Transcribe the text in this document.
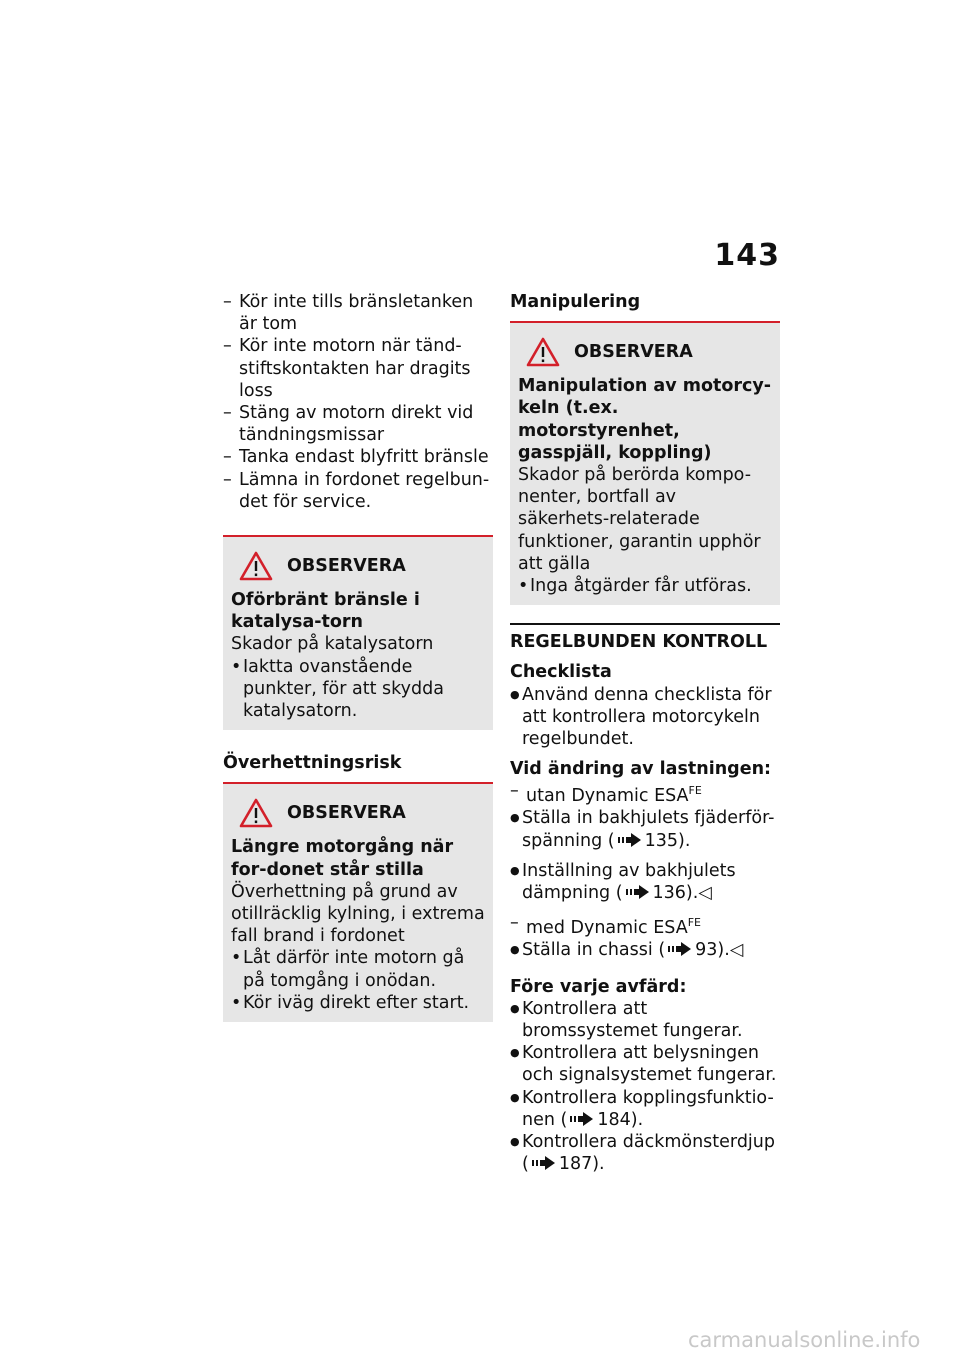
143
– Kör inte tills bränsletanken är tom
– Kör inte motorn när tänd-stiftskontakten har dragits loss
– Stäng av motorn direkt vid tändningsmissar
– Tanka endast blyfritt bränsle
– Lämna in fordonet regelbun-det för service.
OBSERVERA
Oförbränt bränsle i katalysa-torn
Skador på katalysatorn
• Iaktta ovanstående punkter, för att skydda katalysatorn.
Överhettningsrisk
OBSERVERA
Längre motorgång när for-donet står stilla
Överhettning på grund av otillräcklig kylning, i extrema fall brand i fordonet
• Låt därför inte motorn gå på tomgång i onödan.
• Kör iväg direkt efter start.
Manipulering
OBSERVERA
Manipulation av motorcy-keln (t.ex. motorstyrenhet, gasspjäll, koppling)
Skador på berörda kompo-nenter, bortfall av säkerhets-relaterade funktioner, garantin upphör att gälla
• Inga åtgärder får utföras.
REGELBUNDEN KONTROLL
Checklista
● Använd denna checklista för att kontrollera motorcykeln regelbundet.
Vid ändring av lastningen:
– utan Dynamic $ESA^{FE}$
● Ställa in bakhjulets fjäderför-spänning ( 135).
● Inställning av bakhjulets dämpning ( 136).◁
– med Dynamic $ESA^{FE}$
● Ställa in chassi ( 93).◁
Före varje avfärd:
● Kontrollera att bromssystemet fungerar.
● Kontrollera att belysningen och signalsystemet fungerar.
● Kontrollera kopplingsfunktio-nen ( 184).
● Kontrollera däckmönsterdjup ( 187).
carmanualsonline.info
